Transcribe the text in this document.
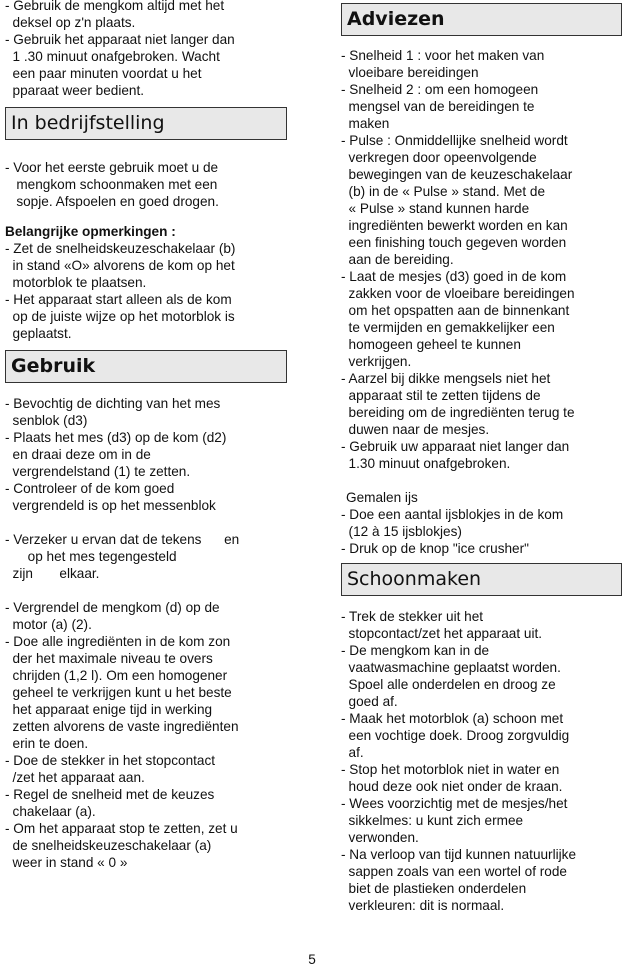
- Gebruik de mengkom altijd met het
deksel op z'n plaats.
- Gebruik het apparaat niet langer dan
1 .30 minuut onafgebroken. Wacht
een paar minuten voordat u het
pparaat weer bedient.
In bedrijfstelling
- Voor het eerste gebruik moet u de
mengkom schoonmaken met een
sopje. Afspoelen en goed drogen.
Belangrijke opmerkingen :
- Zet de snelheidskeuzeschakelaar (b)
in stand «O» alvorens de kom op het
motorblok te plaatsen.
- Het apparaat start alleen als de kom
op de juiste wijze op het motorblok is
geplaatst.
Gebruik
- Bevochtig de dichting van het mes
senblok (d3)
- Plaats het mes (d3) op de kom (d2)
en draai deze om in de
vergrendelstand (1) te zetten.
- Controleer of de kom goed
vergrendeld is op het messenblok
- Verzeker u ervan dat de tekens      en
op het mes tegengesteld
zijn       elkaar.
- Vergrendel de mengkom (d) op de
motor (a) (2).
- Doe alle ingrediënten in de kom zon
der het maximale niveau te overs
chrijden (1,2 l). Om een homogener
geheel te verkrijgen kunt u het beste
het apparaat enige tijd in werking
zetten alvorens de vaste ingrediënten
erin te doen.
- Doe de stekker in het stopcontact
/zet het apparaat aan.
- Regel de snelheid met de keuzes
chakelaar (a).
- Om het apparaat stop te zetten, zet u
de snelheidskeuzeschakelaar (a)
weer in stand « 0 »
Adviezen
- Snelheid 1 : voor het maken van
vloeibare bereidingen
- Snelheid 2 : om een homogeen
mengsel van de bereidingen te
maken
- Pulse : Onmiddellijke snelheid wordt
verkregen door opeenvolgende
bewegingen van de keuzeschakelaar
(b) in de « Pulse » stand. Met de
« Pulse » stand kunnen harde
ingrediënten bewerkt worden en kan
een finishing touch gegeven worden
aan de bereiding.
- Laat de mesjes (d3) goed in de kom
zakken voor de vloeibare bereidingen
om het opspatten aan de binnenkant
te vermijden en gemakkelijker een
homogeen geheel te kunnen
verkrijgen.
- Aarzel bij dikke mengsels niet het
apparaat stil te zetten tijdens de
bereiding om de ingrediënten terug te
duwen naar de mesjes.
- Gebruik uw apparaat niet langer dan
1.30 minuut onafgebroken.
Gemalen ijs
- Doe een aantal ijsblokjes in de kom
(12 à 15 ijsblokjes)
- Druk op de knop "ice crusher"
Schoonmaken
- Trek de stekker uit het
stopcontact/zet het apparaat uit.
- De mengkom kan in de
vaatwasmachine geplaatst worden.
Spoel alle onderdelen en droog ze
goed af.
- Maak het motorblok (a) schoon met
een vochtige doek. Droog zorgvuldig
af.
- Stop het motorblok niet in water en
houd deze ook niet onder de kraan.
- Wees voorzichtig met de mesjes/het
sikkelmes: u kunt zich ermee
verwonden.
- Na verloop van tijd kunnen natuurlijke
sappen zoals van een wortel of rode
biet de plastieken onderdelen
verkleuren: dit is normaal.
5
